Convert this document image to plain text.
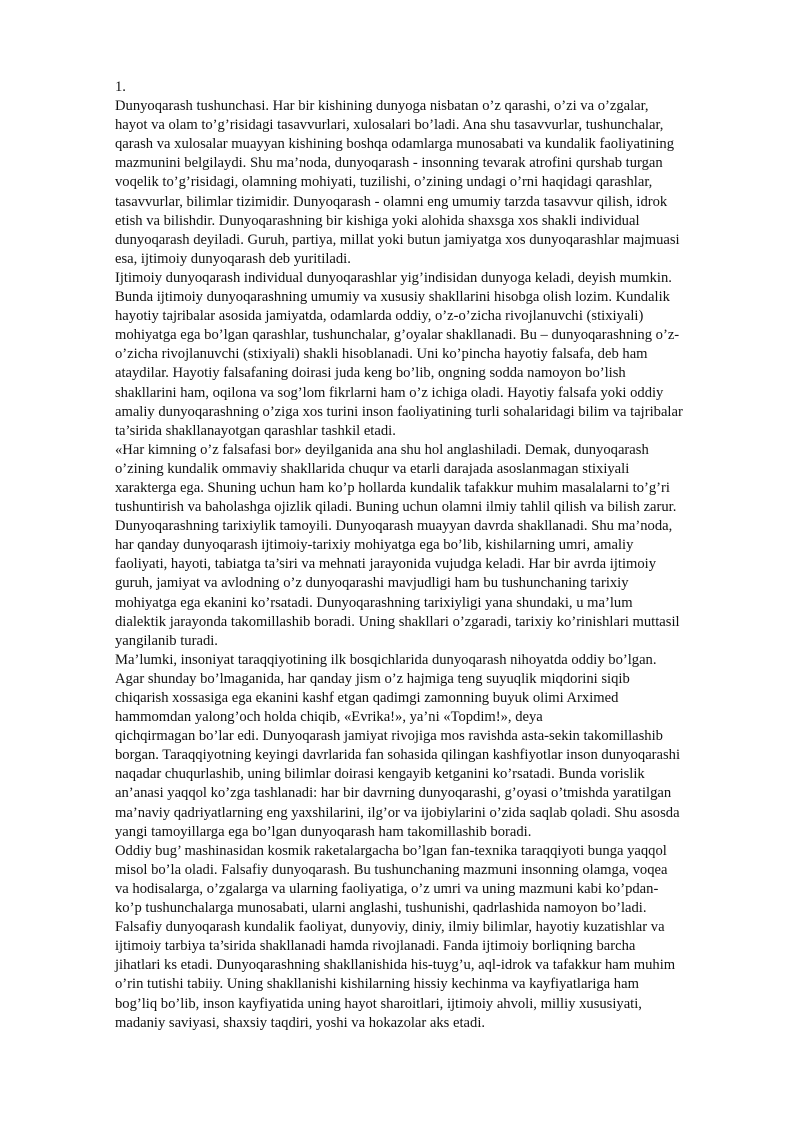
1.

Dunyoqarash tushunchasi. Har bir kishining dunyoga nisbatan o’z qarashi, o’zi va o’zgalar,

hayot va olam to’g’risidagi tasavvurlari, xulosalari bo’ladi. Ana shu tasavvurlar, tushunchalar,

qarash va xulosalar muayyan kishining boshqa odamlarga munosabati va kundalik faoliyatining

mazmunini belgilaydi. Shu ma’noda, dunyoqarash - insonning tevarak atrofini qurshab turgan

voqelik to’g’risidagi, olamning mohiyati, tuzilishi, o’zining undagi o’rni haqidagi qarashlar,

tasavvurlar, bilimlar tizimidir. Dunyoqarash - olamni eng umumiy tarzda tasavvur qilish, idrok

etish va bilishdir. Dunyoqarashning bir kishiga yoki alohida shaxsga xos shakli individual

dunyoqarash deyiladi. Guruh, partiya, millat yoki butun jamiyatga xos dunyoqarashlar majmuasi

esa, ijtimoiy dunyoqarash deb yuritiladi.

Ijtimoiy dunyoqarash individual dunyoqarashlar yig’indisidan dunyoga keladi, deyish mumkin.

Bunda ijtimoiy dunyoqarashning umumiy va xususiy shakllarini hisobga olish lozim. Kundalik

hayotiy tajribalar asosida jamiyatda, odamlarda oddiy, o’z-o’zicha rivojlanuvchi (stixiyali)

mohiyatga ega bo’lgan qarashlar, tushunchalar, g’oyalar shakllanadi. Bu – dunyoqarashning o’z-

o’zicha rivojlanuvchi (stixiyali) shakli hisoblanadi. Uni ko’pincha hayotiy falsafa, deb ham

ataydilar. Hayotiy falsafaning doirasi juda keng bo’lib, ongning sodda namoyon bo’lish

shakllarini ham, oqilona va sog’lom fikrlarni ham o’z ichiga oladi. Hayotiy falsafa yoki oddiy

amaliy dunyoqarashning o’ziga xos turini inson faoliyatining turli sohalaridagi bilim va tajribalar

ta’sirida shakllanayotgan qarashlar tashkil etadi.

«Har kimning o’z falsafasi bor» deyilganida ana shu hol anglashiladi. Demak, dunyoqarash

o’zining kundalik ommaviy shakllarida chuqur va etarli darajada asoslanmagan stixiyali

xarakterga ega. Shuning uchun ham ko’p hollarda kundalik tafakkur muhim masalalarni to’g’ri

tushuntirish va baholashga ojizlik qiladi. Buning uchun olamni ilmiy tahlil qilish va bilish zarur.

Dunyoqarashning tarixiylik tamoyili. Dunyoqarash muayyan davrda shakllanadi. Shu ma’noda,

har qanday dunyoqarash ijtimoiy-tarixiy mohiyatga ega bo’lib, kishilarning umri, amaliy

faoliyati, hayoti, tabiatga ta’siri va mehnati jarayonida vujudga keladi. Har bir avrda ijtimoiy

guruh, jamiyat va avlodning o’z dunyoqarashi mavjudligi ham bu tushunchaning tarixiy

mohiyatga ega ekanini ko’rsatadi. Dunyoqarashning tarixiyligi yana shundaki, u ma’lum

dialektik jarayonda takomillashib boradi. Uning shakllari o’zgaradi, tarixiy ko’rinishlari muttasil

yangilanib turadi.

Ma’lumki, insoniyat taraqqiyotining ilk bosqichlarida dunyoqarash nihoyatda oddiy bo’lgan.

Agar shunday bo’lmaganida, har qanday jism o’z hajmiga teng suyuqlik miqdorini siqib

chiqarish xossasiga ega ekanini kashf etgan qadimgi zamonning buyuk olimi Arximed

hammomdan yalong’och holda chiqib, «Evrika!», ya’ni «Topdim!», deya

qichqirmagan bo’lar edi. Dunyoqarash jamiyat rivojiga mos ravishda asta-sekin takomillashib

borgan. Taraqqiyotning keyingi davrlarida fan sohasida qilingan kashfiyotlar inson dunyoqarashi

naqadar chuqurlashib, uning bilimlar doirasi kengayib ketganini ko’rsatadi. Bunda vorislik

an’anasi yaqqol ko’zga tashlanadi: har bir davrning dunyoqarashi, g’oyasi o’tmishda yaratilgan

ma’naviy qadriyatlarning eng yaxshilarini, ilg’or va ijobiylarini o’zida saqlab qoladi. Shu asosda

yangi tamoyillarga ega bo’lgan dunyoqarash ham takomillashib boradi.

Oddiy bug’ mashinasidan kosmik raketalargacha bo’lgan fan-texnika taraqqiyoti bunga yaqqol

misol bo’la oladi. Falsafiy dunyoqarash. Bu tushunchaning mazmuni insonning olamga, voqea

va hodisalarga, o’zgalarga va ularning faoliyatiga, o’z umri va uning mazmuni kabi ko’pdan-

ko’p tushunchalarga munosabati, ularni anglashi, tushunishi, qadrlashida namoyon bo’ladi.

Falsafiy dunyoqarash kundalik faoliyat, dunyoviy, diniy, ilmiy bilimlar, hayotiy kuzatishlar va

ijtimoiy tarbiya ta’sirida shakllanadi hamda rivojlanadi. Fanda ijtimoiy borliqning barcha

jihatlari ks etadi. Dunyoqarashning shakllanishida his-tuyg’u, aql-idrok va tafakkur ham muhim

o’rin tutishi tabiiy. Uning shakllanishi kishilarning hissiy kechinma va kayfiyatlariga ham

bog’liq bo’lib, inson kayfiyatida uning hayot sharoitlari, ijtimoiy ahvoli, milliy xususiyati,

madaniy saviyasi, shaxsiy taqdiri, yoshi va hokazolar aks etadi.
